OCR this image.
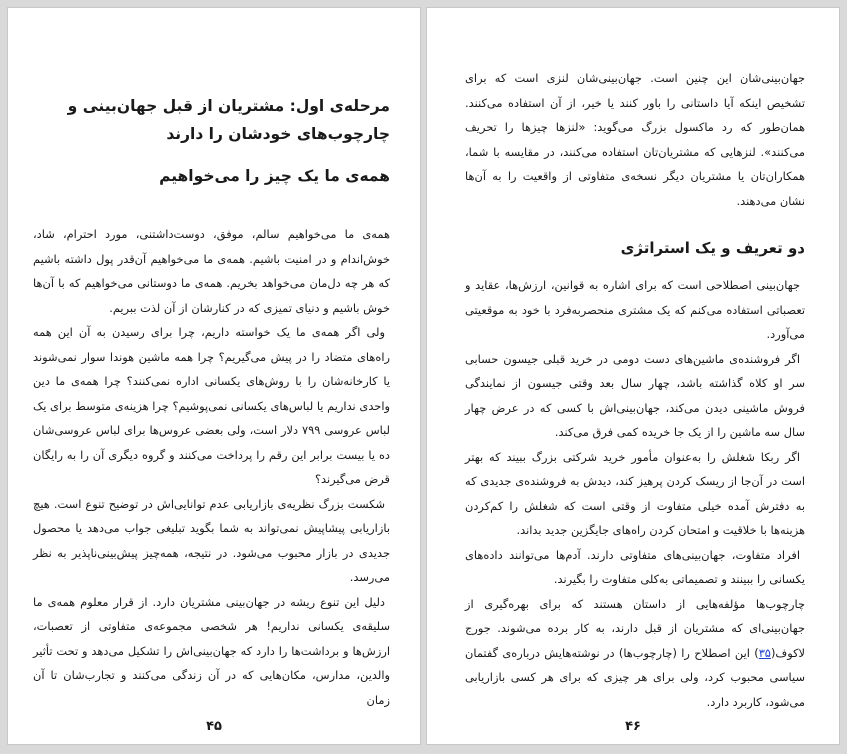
مرحله‌ی اول: مشتریان از قبل جهان‌بینی و چارچوب‌های خودشان را دارند
همه‌ی ما یک چیز را می‌خواهیم

همه‌ی ما می‌خواهیم سالم، موفق، دوست‌داشتنی، مورد احترام، شاد، خوش‌اندام و در امنیت باشیم. همه‌ی ما می‌خواهیم آن‌قدر پول داشته باشیم که هر چه دل‌مان می‌خواهد بخریم. همه‌ی ما دوستانی می‌خواهیم که با آن‌ها خوش باشیم و دنیای تمیزی که در کنارشان از آن لذت ببریم.

ولی اگر همه‌ی ما یک خواسته داریم، چرا برای رسیدن به آن این همه راه‌های متضاد را در پیش می‌گیریم؟ چرا همه ماشین هوندا سوار نمی‌شوند یا کارخانه‌شان را با روش‌های یکسانی اداره نمی‌کنند؟ چرا همه‌ی ما دین واحدی نداریم یا لباس‌های یکسانی نمی‌پوشیم؟ چرا هزینه‌ی متوسط برای یک لباس عروسی ۷۹۹ دلار است، ولی بعضی عروس‌ها برای لباس عروسی‌شان ده یا بیست برابر این رقم را پرداخت می‌کنند و گروه دیگری آن را به رایگان قرض می‌گیرند؟

شکست بزرگ نظریه‌ی بازاریابی عدم توانایی‌اش در توضیح تنوع است. هیچ بازاریابی پیشاپیش نمی‌تواند به شما بگوید تبلیغی جواب می‌دهد یا محصول جدیدی در بازار محبوب می‌شود. در نتیجه، همه‌چیز پیش‌بینی‌ناپذیر به نظر می‌رسد.

دلیل این تنوع ریشه در جهان‌بینی مشتریان دارد. از قرار معلوم همه‌ی ما سلیقه‌ی یکسانی نداریم! هر شخصی مجموعه‌ی متفاوتی از تعصبات، ارزش‌ها و برداشت‌ها را دارد که جهان‌بینی‌اش را تشکیل می‌دهد و تحت تأثیر والدین، مدارس، مکان‌هایی که در آن زندگی می‌کنند و تجارب‌شان تا آن زمان

۴۵

جهان‌بینی‌شان این چنین است. جهان‌بینی‌شان لنزی است که برای تشخیص اینکه آیا داستانی را باور کنند یا خیر، از آن استفاده می‌کنند. همان‌طور که رد ماکسول بزرگ می‌گوید: «لنزها چیزها را تحریف می‌کنند». لنزهایی که مشتریان‌تان استفاده می‌کنند، در مقایسه با شما، همکاران‌تان یا مشتریان دیگر نسخه‌ی متفاوتی از واقعیت را به آن‌ها نشان می‌دهند.

دو تعریف و یک استراتژی

جهان‌بینی اصطلاحی است که برای اشاره به قوانین، ارزش‌ها، عقاید و تعصباتی استفاده می‌کنم که یک مشتری منحصربه‌فرد با خود به موقعیتی می‌آورد.

اگر فروشنده‌ی ماشین‌های دست دومی در خرید قبلی جیسون حسابی سر او کلاه گذاشته باشد، چهار سال بعد وقتی جیسون از نمایندگی فروش ماشینی دیدن می‌کند، جهان‌بینی‌اش با کسی که در عرض چهار سال سه ماشین را از یک جا خریده کمی فرق می‌کند.

اگر ربکا شغلش را به‌عنوان مأمور خرید شرکتی بزرگ ببیند که بهتر است در آن‌جا از ریسک کردن پرهیز کند، دیدش به فروشنده‌ی جدیدی که به دفترش آمده خیلی متفاوت از وقتی است که شغلش را کم‌کردن هزینه‌ها با خلاقیت و امتحان کردن راه‌های جایگزین جدید بداند.

افراد متفاوت، جهان‌بینی‌های متفاوتی دارند. آدم‌ها می‌توانند داده‌های یکسانی را ببینند و تصمیماتی به‌کلی متفاوت را بگیرند.

چارچوب‌ها مؤلفه‌هایی از داستان هستند که برای بهره‌گیری از جهان‌بینی‌ای که مشتریان از قبل دارند، به کار برده می‌شوند. جورج لاکوف(۳۵) این اصطلاح را (چارچوب‌ها) در نوشته‌هایش درباره‌ی گفتمان سیاسی محبوب کرد، ولی برای هر چیزی که برای هر کسی بازاریابی می‌شود، کاربرد دارد.

۴۶
